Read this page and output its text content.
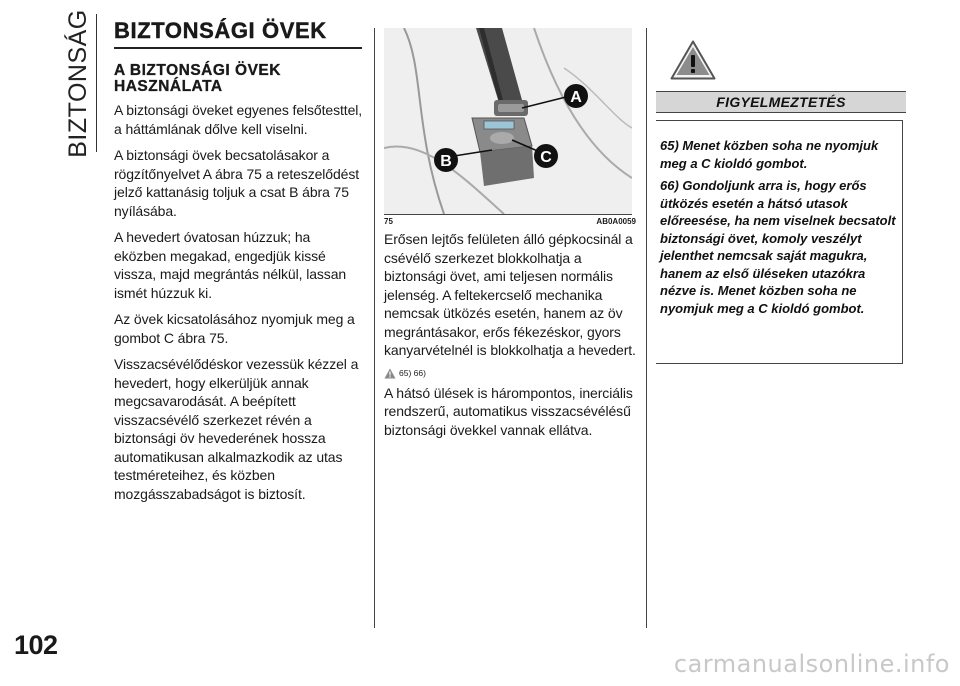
BIZTONSÁG BIZTONSÁGI ÖVEK
A BIZTONSÁGI ÖVEK HASZNÁLATA

A biztonsági öveket egyenes felsőtesttel, a háttámlának dőlve kell viselni.

A biztonsági övek becsatolásakor a rögzítőnyelvet A ábra 75 a reteszelődést jelző kattanásig toljuk a csat B ábra 75 nyílásába.

A hevedert óvatosan húzzuk; ha eközben megakad, engedjük kissé vissza, majd megrántás nélkül, lassan ismét húzzuk ki.

Az övek kicsatolásához nyomjuk meg a gombot C ábra 75.

Visszacsévélődéskor vezessük kézzel a hevedert, hogy elkerüljük annak megcsavarodását. A beépített visszacsévélő szerkezet révén a biztonsági öv hevederének hossza automatikusan alkalmazkodik az utas testméreteihez, és közben mozgásszabadságot is biztosít.

A
B	C
75	AB0A0059

Erősen lejtős felületen álló gépkocsinál a csévélő szerkezet blokkolhatja a biztonsági övet, ami teljesen normális jelenség. A feltekercselő mechanika nemcsak ütközés esetén, hanem az öv megrántásakor, erős fékezéskor, gyors kanyarvételnél is blokkolhatja a hevedert.

65) 66)

A hátsó ülések is hárompontos, inerciális rendszerű, automatikus visszacsévélésű biztonsági övekkel vannak ellátva.

FIGYELMEZTETÉS
65) Menet közben soha ne nyomjuk meg a C kioldó gombot.
66) Gondoljunk arra is, hogy erős ütközés esetén a hátsó utasok előreesése, ha nem viselnek becsatolt biztonsági övet, komoly veszélyt jelenthet nemcsak saját magukra, hanem az első üléseken utazókra nézve is. Menet közben soha ne nyomjuk meg a C kioldó gombot.
102
carmanualsonline.info
